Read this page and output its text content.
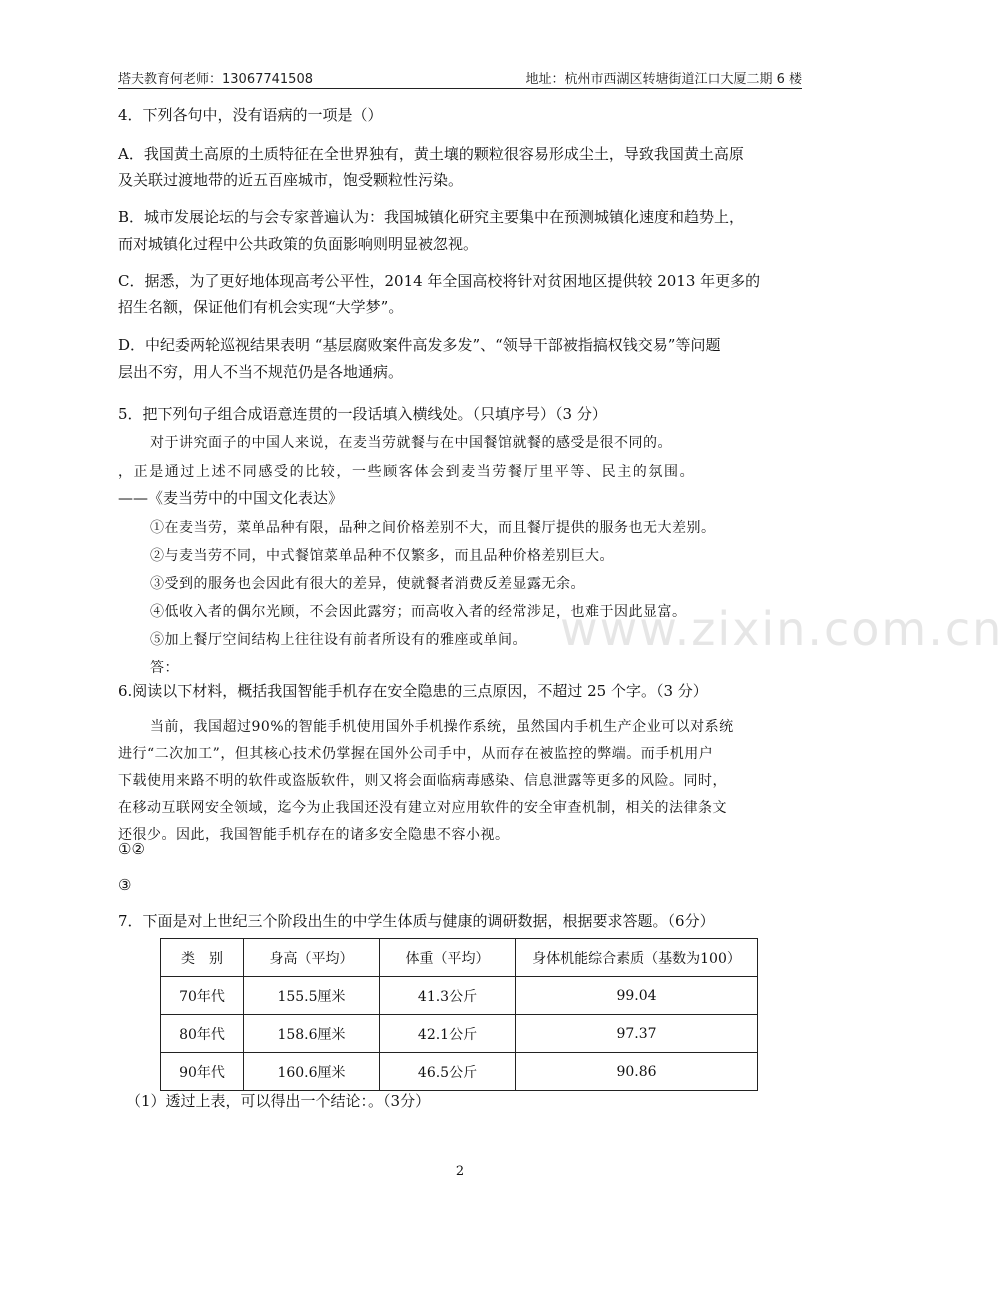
塔夫教育何老师：13067741508	地址：杭州市西湖区转塘街道江口大厦二期 6 楼
www.zixin.com.cn
4．下列各句中，没有语病的一项是（）
A．我国黄土高原的土质特征在全世界独有，黄土壤的颗粒很容易形成尘土，导致我国黄土高原
及关联过渡地带的近五百座城市，饱受颗粒性污染。
B．城市发展论坛的与会专家普遍认为：我国城镇化研究主要集中在预测城镇化速度和趋势上，
而对城镇化过程中公共政策的负面影响则明显被忽视。
C．据悉，为了更好地体现高考公平性，2014 年全国高校将针对贫困地区提供较 2013 年更多的
招生名额，保证他们有机会实现“大学梦”。
D．中纪委两轮巡视结果表明 “基层腐败案件高发多发”、“领导干部被指搞权钱交易”等问题
层出不穷，用人不当不规范仍是各地通病。
5．把下列句子组合成语意连贯的一段话填入横线处。（只填序号）（3 分）
对于讲究面子的中国人来说，在麦当劳就餐与在中国餐馆就餐的感受是很不同的。
，正是通过上述不同感受的比较，一些顾客体会到麦当劳餐厅里平等、民主的氛围。
——《麦当劳中的中国文化表达》
①在麦当劳，菜单品种有限，品种之间价格差别不大，而且餐厅提供的服务也无大差别。
②与麦当劳不同，中式餐馆菜单品种不仅繁多，而且品种价格差别巨大。
③受到的服务也会因此有很大的差异，使就餐者消费反差显露无余。
④低收入者的偶尔光顾，不会因此露穷；而高收入者的经常涉足，也难于因此显富。
⑤加上餐厅空间结构上往往设有前者所设有的雅座或单间。
答：
6.阅读以下材料，概括我国智能手机存在安全隐患的三点原因，不超过 25 个字。（3 分）
当前，我国超过90%的智能手机使用国外手机操作系统，虽然国内手机生产企业可以对系统
进行“二次加工”，但其核心技术仍掌握在国外公司手中，从而存在被监控的弊端。而手机用户
下载使用来路不明的软件或盗版软件，则又将会面临病毒感染、信息泄露等更多的风险。同时，
在移动互联网安全领域，迄今为止我国还没有建立对应用软件的安全审查机制，相关的法律条文
还很少。因此，我国智能手机存在的诸多安全隐患不容小视。
①②
③
7．下面是对上世纪三个阶段出生的中学生体质与健康的调研数据，根据要求答题。（6分）
类　别	身高（平均）	体重（平均）	身体机能综合素质（基数为100）
70年代	155.5厘米	41.3公斤	99.04
80年代	158.6厘米	42.1公斤	97.37
90年代	160.6厘米	46.5公斤	90.86
（1）透过上表，可以得出一个结论：。（3分）
2
